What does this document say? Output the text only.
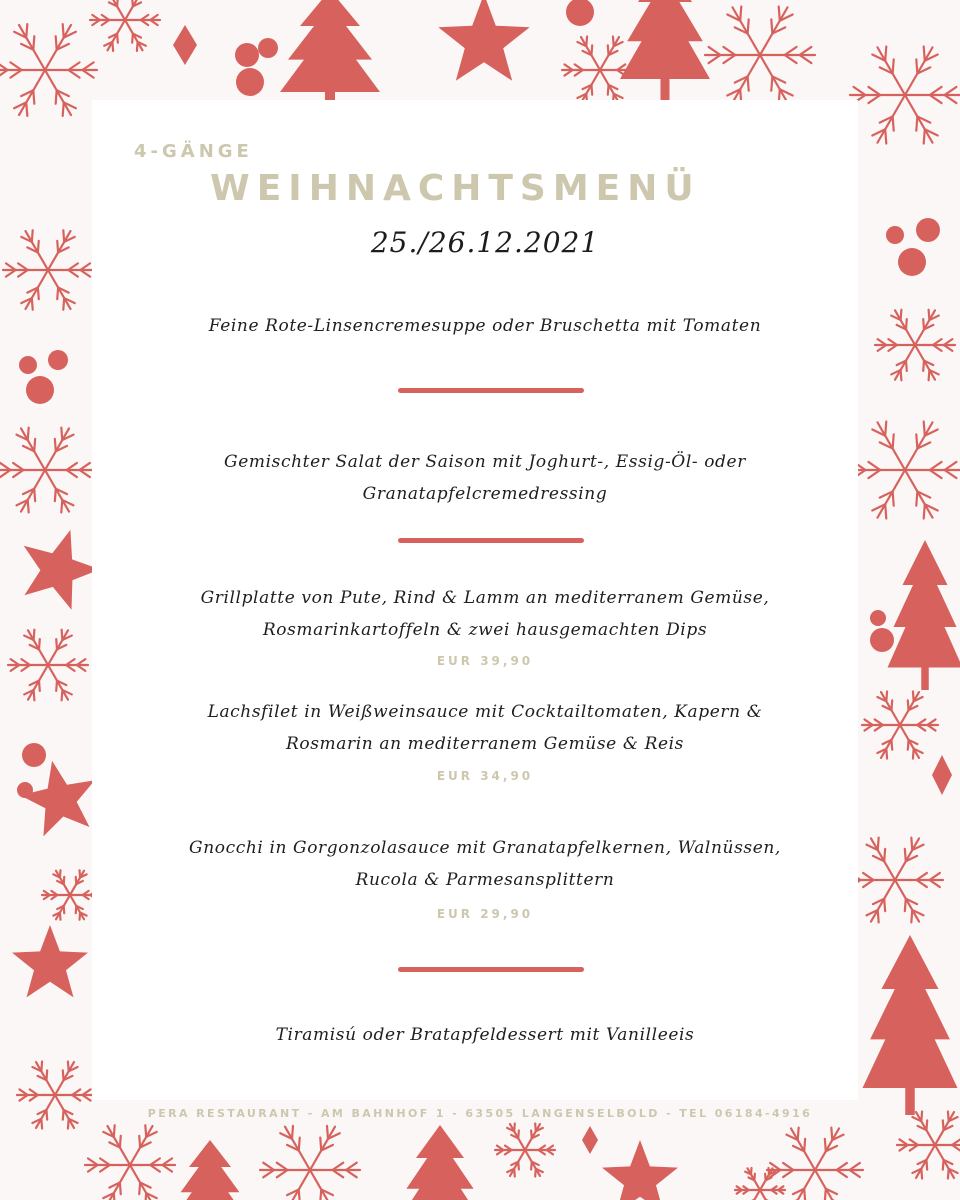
4-GÄNGE
WEIHNACHTSMENÜ
25./26.12.2021
Feine Rote-Linsencremesuppe oder Bruschetta mit Tomaten
Gemischter Salat der Saison mit Joghurt-, Essig-Öl- oder
Granatapfelcremedressing
Grillplatte von Pute, Rind & Lamm an mediterranem Gemüse,
Rosmarinkartoffeln & zwei hausgemachten Dips
EUR 39,90
Lachsfilet in Weißweinsauce mit Cocktailtomaten, Kapern &
Rosmarin an mediterranem Gemüse & Reis
EUR 34,90
Gnocchi in Gorgonzolasauce mit Granatapfelkernen, Walnüssen,
Rucola & Parmesansplittern
EUR 29,90
Tiramisú oder Bratapfeldessert mit Vanilleeis
PERA RESTAURANT - AM BAHNHOF 1 - 63505 LANGENSELBOLD - TEL 06184-4916
